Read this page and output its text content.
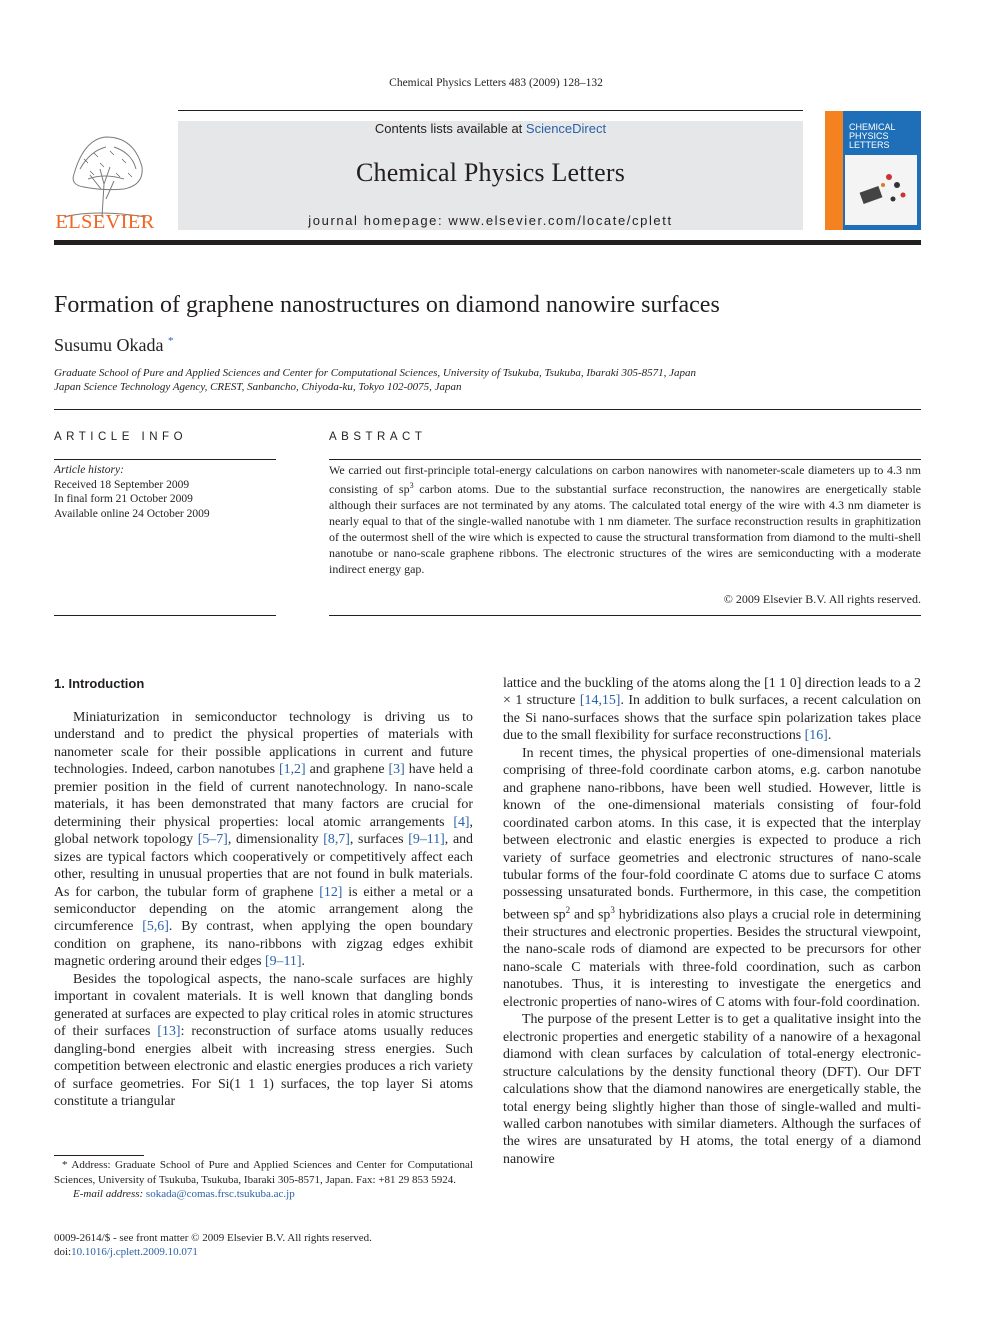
Chemical Physics Letters 483 (2009) 128–132
Contents lists available at ScienceDirect
Chemical Physics Letters
journal homepage: www.elsevier.com/locate/cplett
ELSEVIER
CHEMICAL
PHYSICS
LETTERS
Formation of graphene nanostructures on diamond nanowire surfaces
Susumu Okada *
Graduate School of Pure and Applied Sciences and Center for Computational Sciences, University of Tsukuba, Tsukuba, Ibaraki 305-8571, Japan
Japan Science Technology Agency, CREST, Sanbancho, Chiyoda-ku, Tokyo 102-0075, Japan
ARTICLE INFO
Article history:
Received 18 September 2009
In final form 21 October 2009
Available online 24 October 2009
ABSTRACT
We carried out first-principle total-energy calculations on carbon nanowires with nanometer-scale diameters up to 4.3 nm consisting of $sp^3$ carbon atoms. Due to the substantial surface reconstruction, the nanowires are energetically stable although their surfaces are not terminated by any atoms. The calculated total energy of the wire with 4.3 nm diameter is nearly equal to that of the single-walled nanotube with 1 nm diameter. The surface reconstruction results in graphitization of the outermost shell of the wire which is expected to cause the structural transformation from diamond to the multi-shell nanotube or nano-scale graphene ribbons. The electronic structures of the wires are semiconducting with a moderate indirect energy gap.
© 2009 Elsevier B.V. All rights reserved.
1. Introduction

Miniaturization in semiconductor technology is driving us to understand and to predict the physical properties of materials with nanometer scale for their possible applications in current and future technologies. Indeed, carbon nanotubes [1,2] and graphene [3] have held a premier position in the field of current nanotechnology. In nano-scale materials, it has been demonstrated that many factors are crucial for determining their physical properties: local atomic arrangements [4], global network topology [5–7], dimensionality [8,7], surfaces [9–11], and sizes are typical factors which cooperatively or competitively affect each other, resulting in unusual properties that are not found in bulk materials. As for carbon, the tubular form of graphene [12] is either a metal or a semiconductor depending on the atomic arrangement along the circumference [5,6]. By contrast, when applying the open boundary condition on graphene, its nano-ribbons with zigzag edges exhibit magnetic ordering around their edges [9–11].

Besides the topological aspects, the nano-scale surfaces are highly important in covalent materials. It is well known that dangling bonds generated at surfaces are expected to play critical roles in atomic structures of their surfaces [13]: reconstruction of surface atoms usually reduces dangling-bond energies albeit with increasing stress energies. Such competition between electronic and elastic energies produces a rich variety of surface geometries. For Si(1 1 1) surfaces, the top layer Si atoms constitute a triangular

* Address: Graduate School of Pure and Applied Sciences and Center for Computational Sciences, University of Tsukuba, Tsukuba, Ibaraki 305-8571, Japan. Fax: +81 29 853 5924.
E-mail address: sokada@comas.frsc.tsukuba.ac.jp
0009-2614/$ - see front matter © 2009 Elsevier B.V. All rights reserved.
doi:10.1016/j.cplett.2009.10.071

lattice and the buckling of the atoms along the [1 1 0] direction leads to a 2 × 1 structure [14,15]. In addition to bulk surfaces, a recent calculation on the Si nano-surfaces shows that the surface spin polarization takes place due to the small flexibility for surface reconstructions [16].

In recent times, the physical properties of one-dimensional materials comprising of three-fold coordinate carbon atoms, e.g. carbon nanotube and graphene nano-ribbons, have been well studied. However, little is known of the one-dimensional materials consisting of four-fold coordinated carbon atoms. In this case, it is expected that the interplay between electronic and elastic energies is expected to produce a rich variety of surface geometries and electronic structures of nano-scale tubular forms of the four-fold coordinate C atoms due to surface C atoms possessing unsaturated bonds. Furthermore, in this case, the competition between $sp^2$ and $sp^3$ hybridizations also plays a crucial role in determining their structures and electronic properties. Besides the structural viewpoint, the nano-scale rods of diamond are expected to be precursors for other nano-scale C materials with three-fold coordination, such as carbon nanotubes. Thus, it is interesting to investigate the energetics and electronic properties of nano-wires of C atoms with four-fold coordination.

The purpose of the present Letter is to get a qualitative insight into the electronic properties and energetic stability of a nanowire of a hexagonal diamond with clean surfaces by calculation of total-energy electronic-structure calculations by the density functional theory (DFT). Our DFT calculations show that the diamond nanowires are energetically stable, the total energy being slightly higher than those of single-walled and multi-walled carbon nanotubes with similar diameters. Although the surfaces of the wires are unsaturated by H atoms, the total energy of a diamond nanowire
